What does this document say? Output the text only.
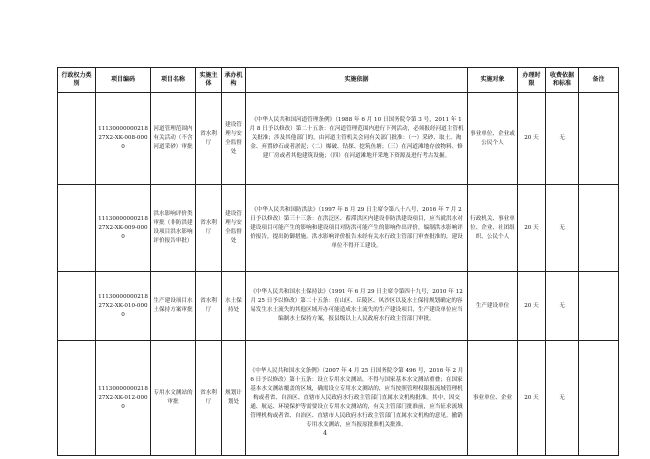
行政权力类别	项目编码	项目名称	实施主体	承办机构	实施依据	实施对象	办理时限	收费依据和标准	备注
	1113000000021827X2-XK-008-0000	河道管理范围内有关活动（不含河道采砂）审批	省水利厅	建设管理与安全监督处	《中华人民共和国河道管理条例》（1988 年 6 月 10 日国务院令第 3 号，2011 年 1 月 8 日予以修改）第二十五条：在河道管理范围内进行下列活动，必须报经河道主管机关批准；涉及其他部门的，由河道主管机关会同有关部门批准：（一）采砂、取土、淘金、弃置砂石或者淤泥；（二）爆破、钻探、挖筑鱼塘；（三）在河道滩地存放物料、修建厂房或者其他建筑设施；（四）在河道滩地开采地下资源及进行考古发掘。	事业单位、企业或公民个人	20 天	无	
	1113000000021827X2-XK-009-0000	洪水影响评价类审批（非防洪建设项目洪水影响评价报告审批）	省水利厅	建设管理与安全监督处	《中华人民共和国防洪法》（1997 年 8 月 29 日主席令第八十八号，2016 年 7 月 2 日予以修改）第三十三条：在洪泛区、蓄滞洪区内建设非防洪建设项目，应当就洪水对建设项目可能产生的影响和建设项目对防洪可能产生的影响作出评价，编制洪水影响评价报告，提出防御措施。洪水影响评价报告未经有关水行政主管部门审查批准的，建设单位不得开工建设。	行政机关、事业单位、企业、社团组织、公民个人	20 天	无	
	1113000000021827X2-XK-010-0000	生产建设项目水土保持方案审批	省水利厅	水土保持处	《中华人民共和国水土保持法》（1991 年 6 月 29 日主席令第四十九号，2010 年 12 月 25 日予以修改）第二十五条：在山区、丘陵区、风沙区以及水土保持规划确定的容易发生水土流失的其他区域开办可能造成水土流失的生产建设项目，生产建设单位应当编制水土保持方案，报县级以上人民政府水行政主管部门审批。	生产建设单位	20 天	无	
	1113000000021827X2-XK-012-0000	专用水文测站的审批	省水利厅	规划计划处	《中华人民共和国水文条例》（2007 年 4 月 25 日国务院令第 496 号，2016 年 2 月 6 日予以修改）第十五条：设立专用水文测站，不得与国家基本水文测站重叠；在国家基本水文测站覆盖的区域，确需设立专用水文测站的，应当按照管理权限报流域管理机构或者省、自治区、直辖市人民政府水行政主管部门直属水文机构批准。其中，因交通、航运、环境保护等需要设立专用水文测站的，有关主管部门批准前，应当征求流域管理机构或者省、自治区、直辖市人民政府水行政主管部门直属水文机构的意见。撤销专用水文测站，应当报原批准机关批准。	事业单位、企业	20 天	无	
4
